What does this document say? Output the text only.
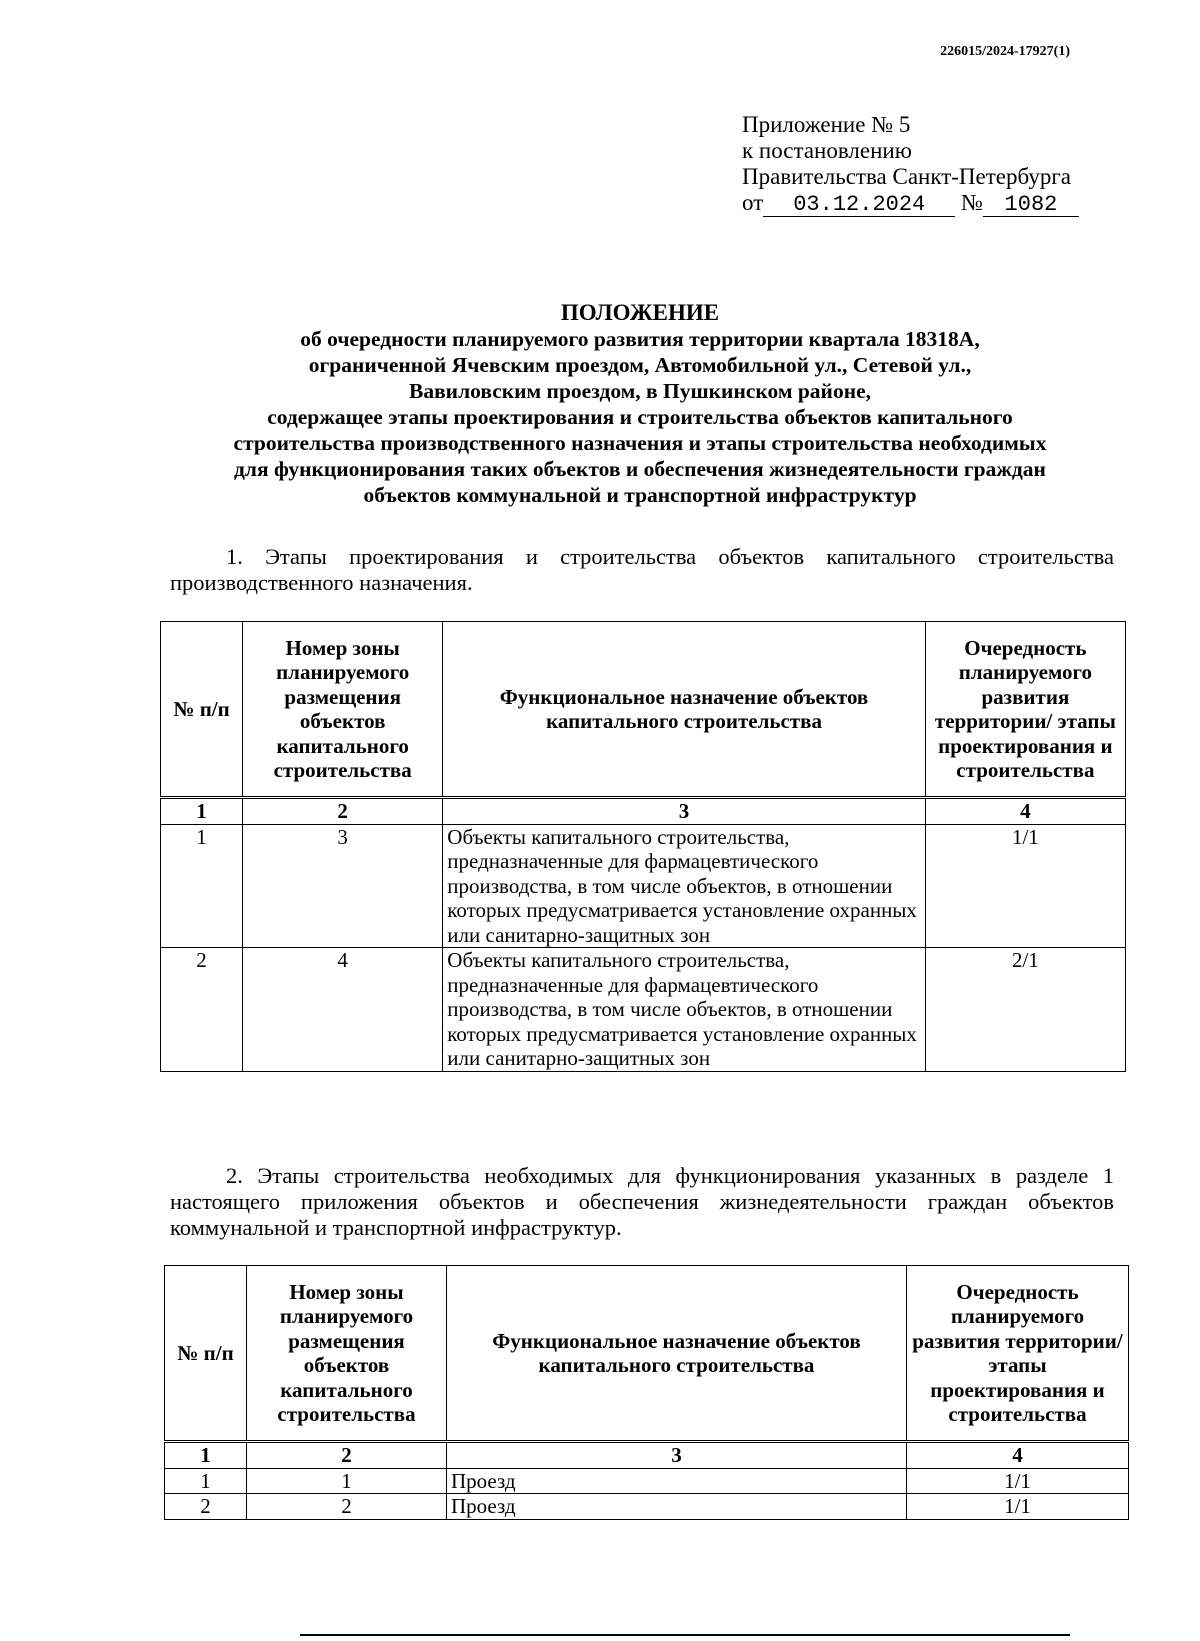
226015/2024-17927(1)
Приложение № 5
к постановлению
Правительства Санкт-Петербурга
от 03.12.2024 № 1082
ПОЛОЖЕНИЕ
об очередности планируемого развития территории квартала 18318А,
ограниченной Ячевским проездом, Автомобильной ул., Сетевой ул.,
Вавиловским проездом, в Пушкинском районе,
содержащее этапы проектирования и строительства объектов капитального
строительства производственного назначения и этапы строительства необходимых
для функционирования таких объектов и обеспечения жизнедеятельности граждан
объектов коммунальной и транспортной инфраструктур
1. Этапы проектирования и строительства объектов капитального строительства производственного назначения.
№ п/п	Номер зоны планируемого размещения объектов капитального строительства	Функциональное назначение объектов капитального строительства	Очередность планируемого развития территории/ этапы проектирования и строительства
1	2	3	4
1	3	Объекты капитального строительства, предназначенные для фармацевтического производства, в том числе объектов, в отношении которых предусматривается установление охранных или санитарно-защитных зон	1/1
2	4	Объекты капитального строительства, предназначенные для фармацевтического производства, в том числе объектов, в отношении которых предусматривается установление охранных или санитарно-защитных зон	2/1
2. Этапы строительства необходимых для функционирования указанных в разделе 1 настоящего приложения объектов и обеспечения жизнедеятельности граждан объектов коммунальной и транспортной инфраструктур.
№ п/п	Номер зоны планируемого размещения объектов капитального строительства	Функциональное назначение объектов капитального строительства	Очередность планируемого развития территории/ этапы проектирования и строительства
1	2	3	4
1	1	Проезд	1/1
2	2	Проезд	1/1
